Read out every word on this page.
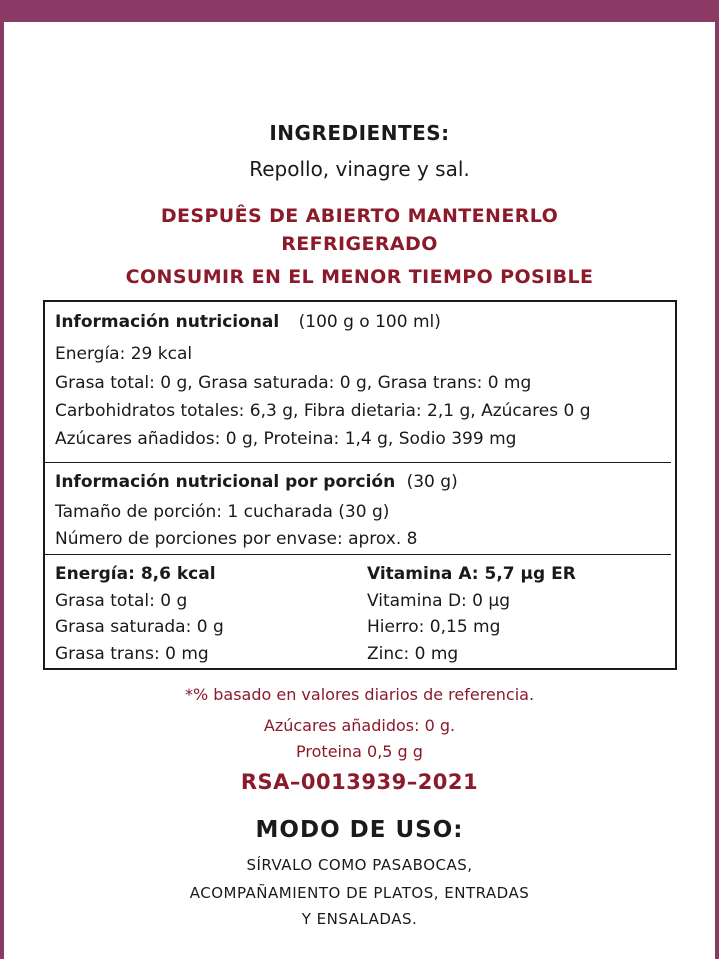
INGREDIENTES:
Repollo, vinagre y sal.
DESPUÊS DE ABIERTO MANTENERLO
REFRIGERADO
CONSUMIR EN EL MENOR TIEMPO POSIBLE
Información nutricional (100 g o 100 ml)
Energía: 29 kcal
Grasa total: 0 g, Grasa saturada: 0 g, Grasa trans: 0 mg
Carbohidratos totales: 6,3 g, Fibra dietaria: 2,1 g, Azúcares 0 g
Azúcares añadidos: 0 g, Proteina: 1,4 g, Sodio 399 mg
Información nutricional por porción (30 g)
Tamaño de porción: 1 cucharada (30 g)
Número de porciones por envase: aprox. 8
Energía: 8,6 kcal
Grasa total: 0 g
Grasa saturada: 0 g
Grasa trans: 0 mg
Vitamina A: 5,7 µg ER
Vitamina D: 0 µg
Hierro: 0,15 mg
Zinc: 0 mg
*% basado en valores diarios de referencia.
Azúcares añadidos: 0 g.
Proteina 0,5 g g
RSA–0013939–2021
MODO DE USO:
SÍRVALO COMO PASABOCAS,
ACOMPAÑAMIENTO DE PLATOS, ENTRADAS
Y ENSALADAS.
